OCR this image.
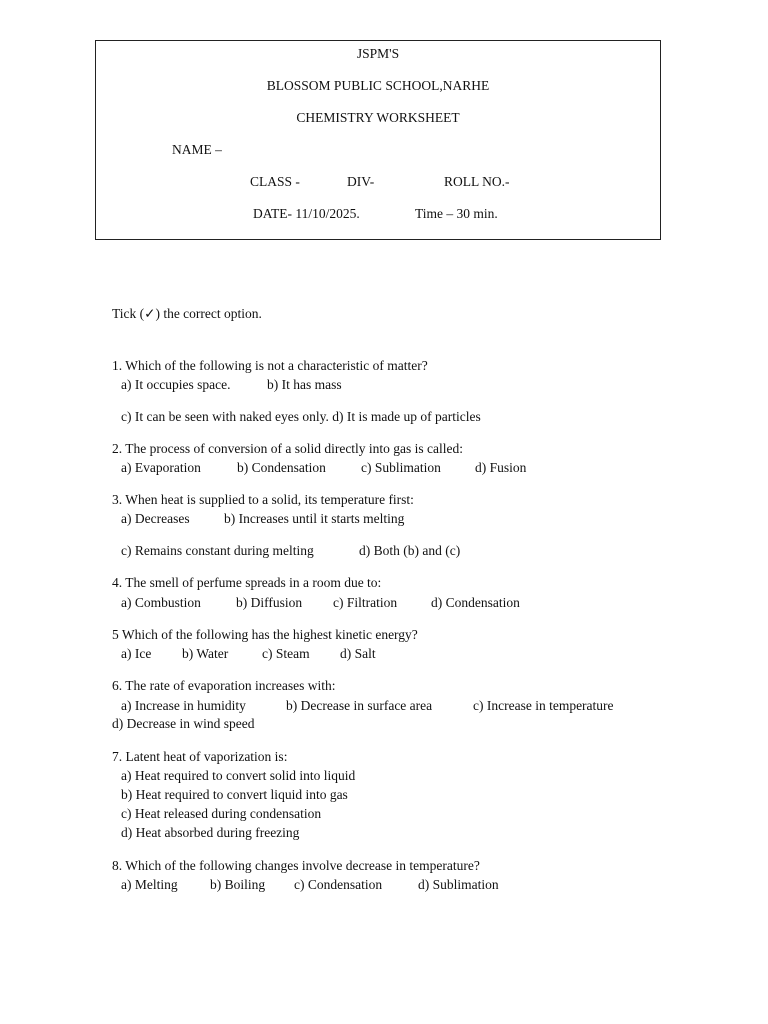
JSPM'S
BLOSSOM PUBLIC SCHOOL,NARHE
CHEMISTRY WORKSHEET
NAME –
CLASS -	DIV-	ROLL NO.-
DATE- 11/10/2025.	Time – 30 min.
Tick (✓) the correct option.
1. Which of the following is not a characteristic of matter?
a) It occupies space.	b) It has mass
c) It can be seen with naked eyes only. d) It is made up of particles
2. The process of conversion of a solid directly into gas is called:
a) Evaporation	b) Condensation	c) Sublimation	d) Fusion
3. When heat is supplied to a solid, its temperature first:
a) Decreases	b) Increases until it starts melting
c) Remains constant during melting	d) Both (b) and (c)
4. The smell of perfume spreads in a room due to:
a) Combustion	b) Diffusion c) Filtration	d) Condensation
5 Which of the following has the highest kinetic energy?
a) Ice b) Water c) Steam d) Salt
6. The rate of evaporation increases with:
a) Increase in humidity	b) Decrease in surface area	c) Increase in temperature
d) Decrease in wind speed
7. Latent heat of vaporization is:
a) Heat required to convert solid into liquid
b) Heat required to convert liquid into gas
c) Heat released during condensation
d) Heat absorbed during freezing
8. Which of the following changes involve decrease in temperature?
a) Melting b) Boiling c) Condensation	d) Sublimation
